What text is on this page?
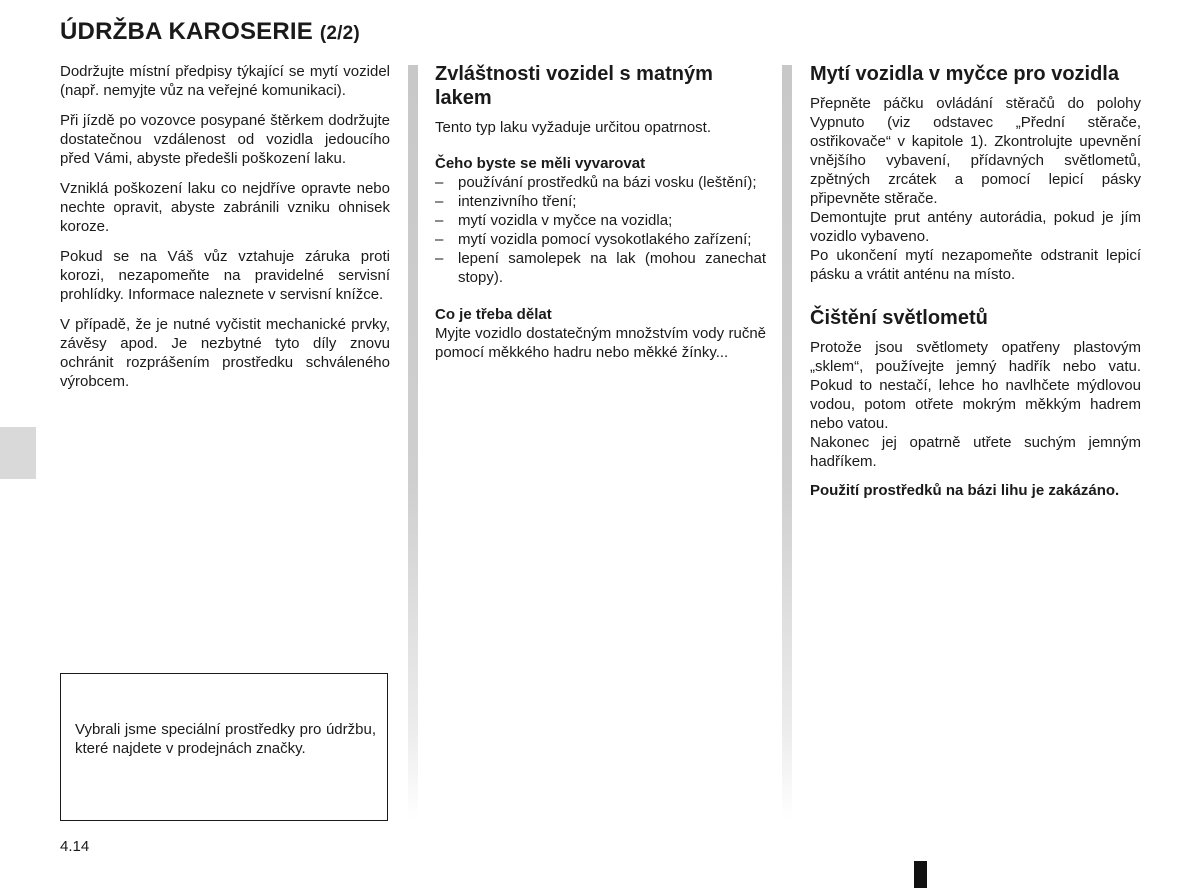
ÚDRŽBA KAROSERIE (2/2)

Dodržujte místní předpisy týkající se mytí vozidel (např. nemyjte vůz na veřejné komunikaci).

Při jízdě po vozovce posypané štěrkem dodržujte dostatečnou vzdálenost od vozidla jedoucího před Vámi, abyste předešli poškození laku.

Vzniklá poškození laku co nejdříve opravte nebo nechte opravit, abyste zabránili vzniku ohnisek koroze.

Pokud se na Váš vůz vztahuje záruka proti korozi, nezapomeňte na pravidelné servisní prohlídky. Informace naleznete v servisní knížce.

V případě, že je nutné vyčistit mechanické prvky, závěsy apod. Je nezbytné tyto díly znovu ochránit rozprášením prostředku schváleného výrobcem.

Vybrali jsme speciální prostředky pro údržbu, které najdete v prodejnách značky.

Zvláštnosti vozidel s matným lakem

Tento typ laku vyžaduje určitou opatrnost.

Čeho byste se měli vyvarovat

– používání prostředků na bázi vosku (leštění);
– intenzivního tření;
– mytí vozidla v myčce na vozidla;
– mytí vozidla pomocí vysokotlakého zařízení;
– lepení samolepek na lak (mohou zanechat stopy).

Co je třeba dělat

Myjte vozidlo dostatečným množstvím vody ručně pomocí měkkého hadru nebo měkké žínky...

Mytí vozidla v myčce pro vozidla

Přepněte páčku ovládání stěračů do polohy Vypnuto (viz odstavec „Přední stěrače, ostřikovače“ v kapitole 1). Zkontrolujte upevnění vnějšího vybavení, přídavných světlometů, zpětných zrcátek a pomocí lepicí pásky připevněte stěrače.

Demontujte prut antény autorádia, pokud je jím vozidlo vybaveno.

Po ukončení mytí nezapomeňte odstranit lepicí pásku a vrátit anténu na místo.

Čištění světlometů

Protože jsou světlomety opatřeny plastovým „sklem“, používejte jemný hadřík nebo vatu. Pokud to nestačí, lehce ho navlhčete mýdlovou vodou, potom otřete mokrým měkkým hadrem nebo vatou.

Nakonec jej opatrně utřete suchým jemným hadříkem.

Použití prostředků na bázi lihu je zakázáno.

4.14
